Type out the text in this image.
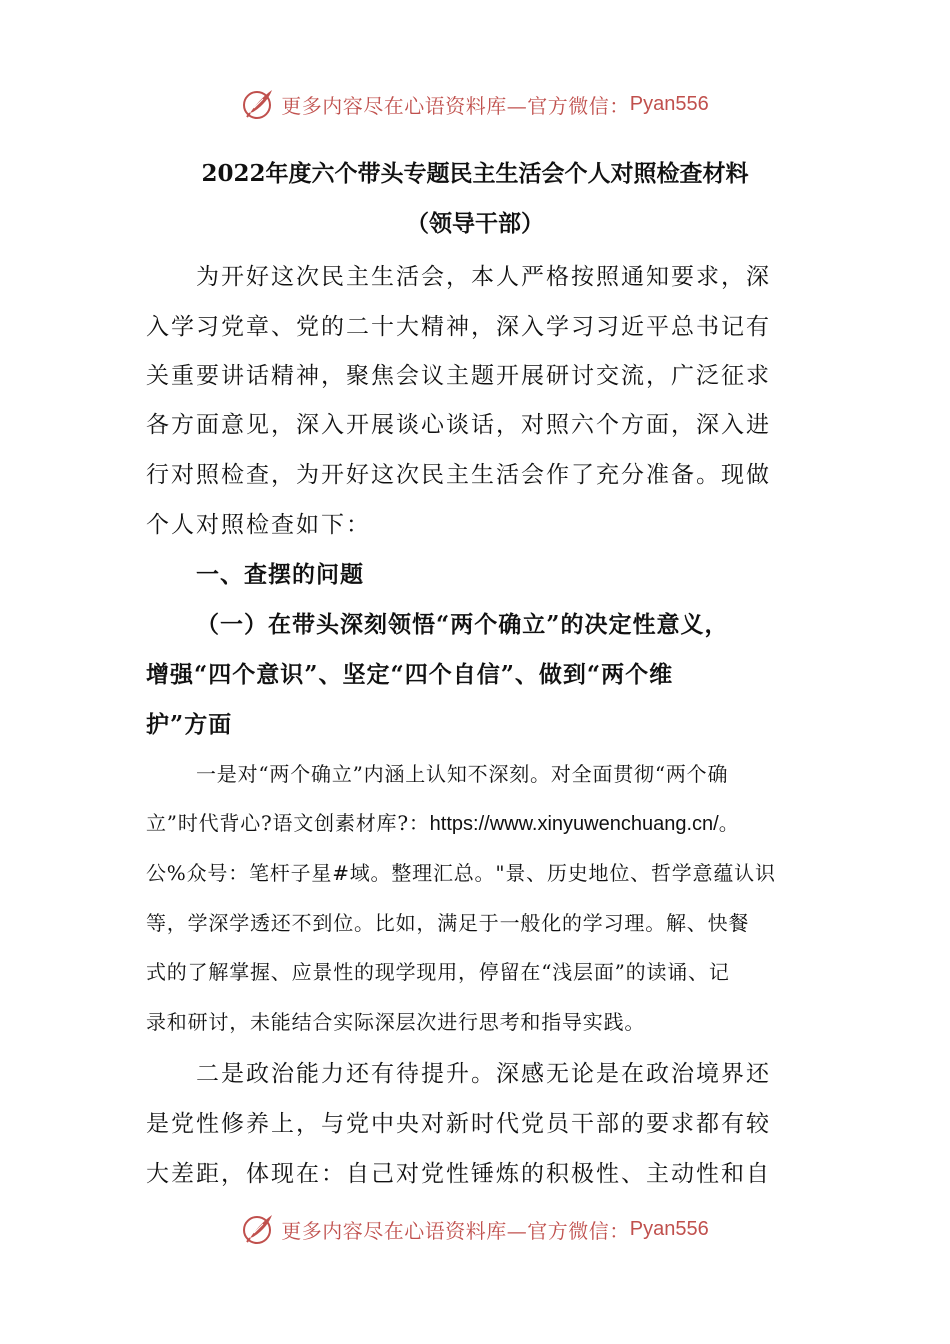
更多内容尽在心语资料库—官方微信： Pyan556
2022年度六个带头专题民主生活会个人对照检查材料
（领导干部）
为开好这次民主生活会，本人严格按照通知要求，深
入学习党章、党的二十大精神，深入学习习近平总书记有
关重要讲话精神，聚焦会议主题开展研讨交流，广泛征求
各方面意见，深入开展谈心谈话，对照六个方面，深入进
行对照检查，为开好这次民主生活会作了充分准备。现做
个人对照检查如下：
一、查摆的问题
（一）在带头深刻领悟“两个确立”的决定性意义，
增强“四个意识”、坚定“四个自信”、做到“两个维
护”方面
一是对“两个确立”内涵上认知不深刻。对全面贯彻“两个确
立”时代背心?语文创素材库?：https://www.xinyuwenchuang.cn/。
公%众号：笔杆子星#域。整理汇总。"景、历史地位、哲学意蕴认识
等，学深学透还不到位。比如，满足于一般化的学习理。解、快餐
式的了解掌握、应景性的现学现用，停留在“浅层面”的读诵、记
录和研讨，未能结合实际深层次进行思考和指导实践。
二是政治能力还有待提升。深感无论是在政治境界还
是党性修养上，与党中央对新时代党员干部的要求都有较
大差距，体现在：自己对党性锤炼的积极性、主动性和自
更多内容尽在心语资料库—官方微信： Pyan556
